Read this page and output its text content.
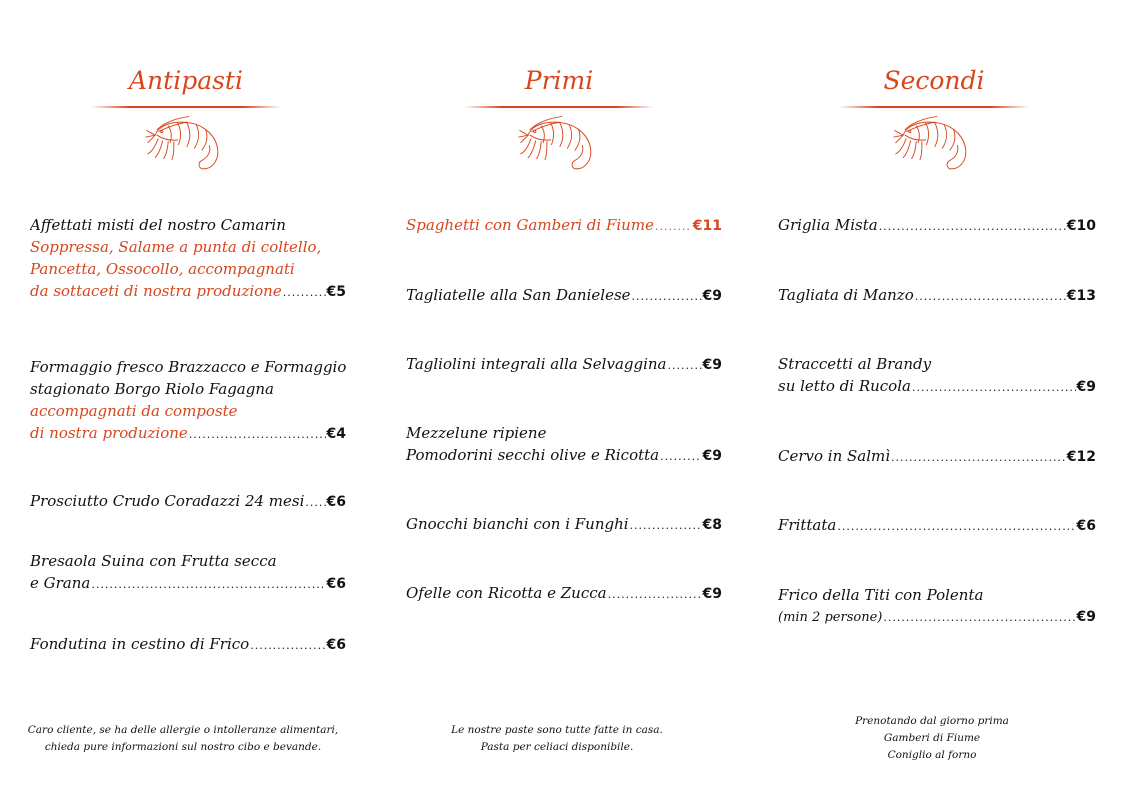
Antipasti	Primi	Secondi
Affettati misti del nostro Camarin
Soppressa, Salame a punta di coltello,
Pancetta, Ossocollo, accompagnati
da sottaceti di nostra produzione .....	€5
Formaggio fresco Brazzacco e Formaggio
stagionato Borgo Riolo Fagagna
accompagnati da composte
di nostra produzione .....	€4
Prosciutto Crudo Coradazzi 24 mesi ..... €6
Bresaola Suina con Frutta secca
e Grana .....	€6
Fondutina in cestino di Frico .....	€6
Spaghetti con Gamberi di Fiume .....	€11
Tagliatelle alla San Danielese .....	€9
Tagliolini integrali alla Selvaggina .....	€9
Mezzelune ripiene
Pomodorini secchi olive e Ricotta .....	€9
Gnocchi bianchi con i Funghi .....	€8
Ofelle con Ricotta e Zucca .....	€9
Griglia Mista .....	€10
Tagliata di Manzo .....	€13
Straccetti al Brandy
su letto di Rucola .....	€9
Cervo in Salmì .....	€12
Frittata .....	€6
Frico della Titi con Polenta
(min 2 persone) .....	€9
Caro cliente, se ha delle allergie o intolleranze alimentari,
chieda pure informazioni sul nostro cibo e bevande.
Le nostre paste sono tutte fatte in casa.
Pasta per celiaci disponibile.
Prenotando dal giorno prima
Gamberi di Fiume
Coniglio al forno
